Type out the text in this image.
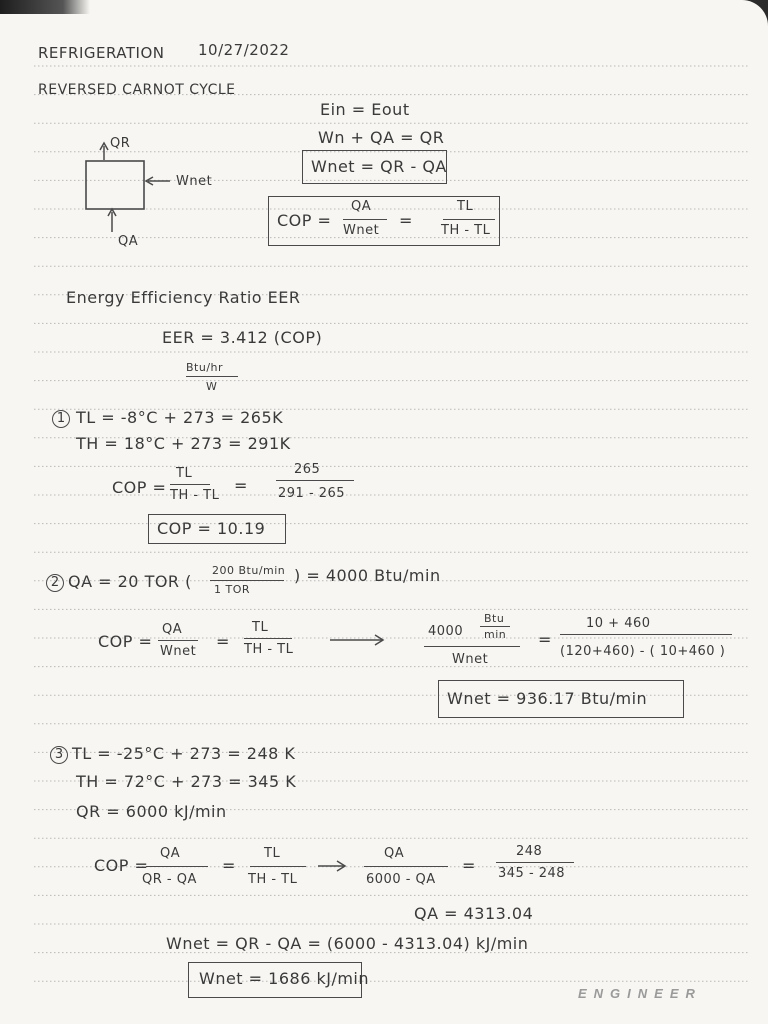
REFRIGERATION 10/27/2022
REVERSED CARNOT CYCLE
QR
Wnet
QA
Ein = Eout
Wn + QA = QR
Wnet = QR - QA
COP =
QA
Wnet
=
TL
TH - TL
Energy Efficiency Ratio EER
EER = 3.412 (COP)
Btu/hr
W
1 TL = -8°C + 273 = 265K
TH = 18°C + 273 = 291K
COP =
TL
TH - TL
=
265
291 - 265
COP = 10.19
2 QA = 20 TOR (
200 Btu/min
1 TOR
) = 4000 Btu/min
COP =
QA
Wnet
=
TL
TH - TL
4000
Btu
min
Wnet
=
10 + 460
(120+460) - ( 10+460 )
Wnet = 936.17 Btu/min
3 TL = -25°C + 273 = 248 K
TH = 72°C + 273 = 345 K
QR = 6000 kJ/min
COP =
QA
QR - QA
=
TL
TH - TL
QA
6000 - QA
=
248
345 - 248
QA = 4313.04
Wnet = QR - QA = (6000 - 4313.04) kJ/min
Wnet = 1686 kJ/min
ENGINEER
